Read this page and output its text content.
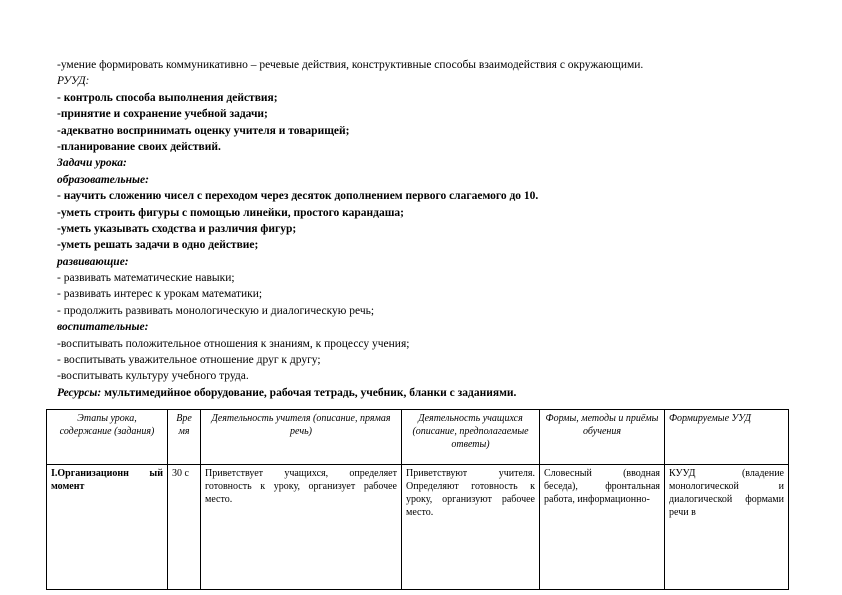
-умение формировать коммуникативно – речевые действия, конструктивные способы взаимодействия с окружающими.
РУУД:
- контроль способа выполнения действия;
-принятие и сохранение учебной задачи;
-адекватно воспринимать оценку учителя и товарищей;
-планирование своих действий.
Задачи урока:
образовательные:
- научить сложению чисел с переходом через десяток дополнением первого слагаемого до 10.
-уметь строить фигуры с помощью линейки, простого карандаша;
-уметь указывать сходства и различия фигур;
-уметь решать задачи в одно действие;
развивающие:
- развивать математические навыки;
- развивать интерес к урокам математики;
- продолжить развивать монологическую и диалогическую речь;
воспитательные:
-воспитывать положительное отношения к знаниям, к процессу учения;
- воспитывать уважительное отношение друг к другу;
-воспитывать культуру учебного труда.
Ресурсы: мультимедийное оборудование, рабочая тетрадь, учебник, бланки с заданиями.
Этапы урока, содержание (задания)	Вре мя	Деятельность учителя (описание, прямая речь)	Деятельность учащихся (описание, предполагаемые ответы)	Формы, методы и приёмы обучения	Формируемые УУД
I.Организационн ый момент	30 с	Приветствует учащихся, определяет готовность к уроку, организует рабочее место.	Приветствуют учителя. Определяют готовность к уроку, организуют рабочее место.	Словесный (вводная беседа), фронтальная работа, информационно-	КУУД (владение монологической и диалогической формами речи в
